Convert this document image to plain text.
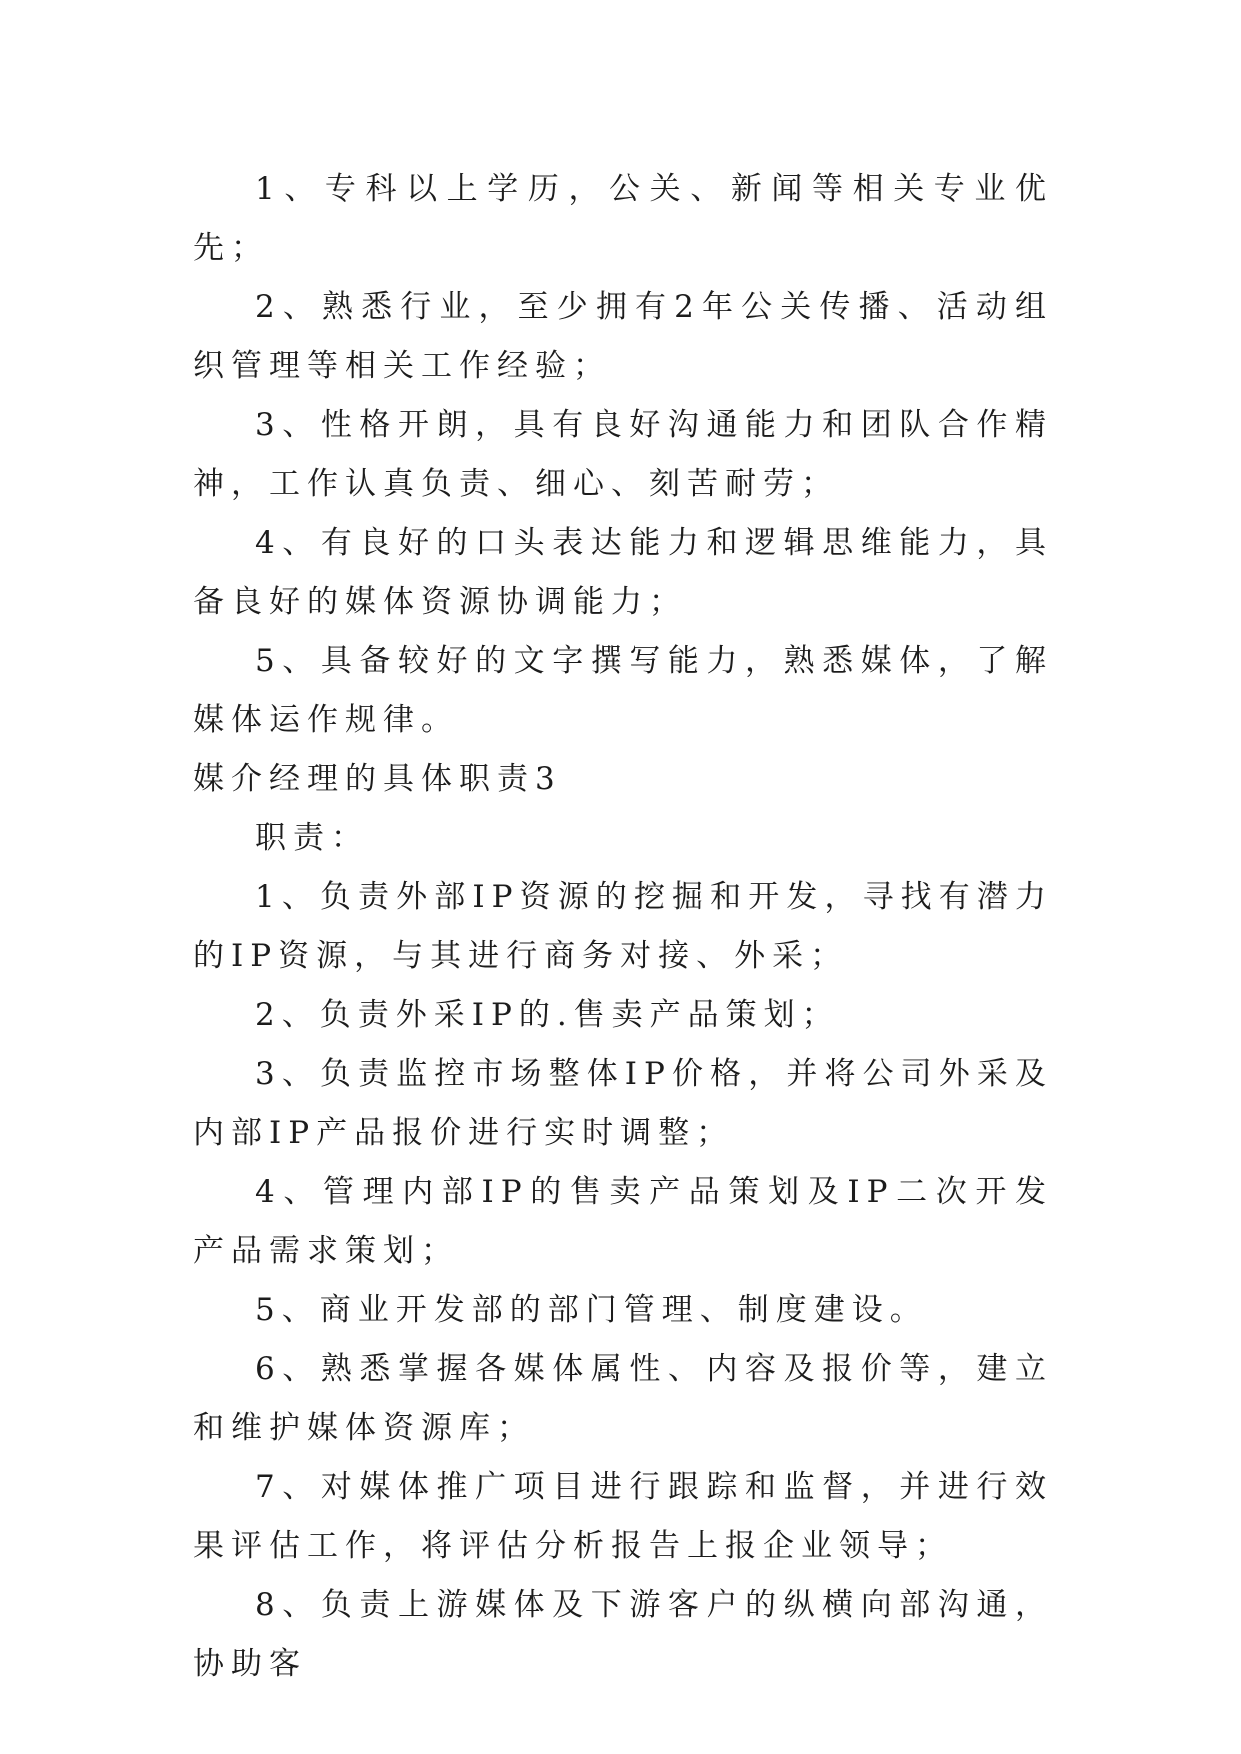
1、专科以上学历，公关、新闻等相关专业优先；

2、熟悉行业，至少拥有2年公关传播、活动组织管理等相关工作经验；

3、性格开朗，具有良好沟通能力和团队合作精神，工作认真负责、细心、刻苦耐劳；

4、有良好的口头表达能力和逻辑思维能力，具备良好的媒体资源协调能力；

5、具备较好的文字撰写能力，熟悉媒体，了解媒体运作规律。

媒介经理的具体职责3

职责：

1、负责外部IP资源的挖掘和开发，寻找有潜力的IP资源，与其进行商务对接、外采；

2、负责外采IP的.售卖产品策划；

3、负责监控市场整体IP价格，并将公司外采及内部IP产品报价进行实时调整；

4、管理内部IP的售卖产品策划及IP二次开发产品需求策划；

5、商业开发部的部门管理、制度建设。

6、熟悉掌握各媒体属性、内容及报价等，建立和维护媒体资源库；

7、对媒体推广项目进行跟踪和监督，并进行效果评估工作，将评估分析报告上报企业领导；

8、负责上游媒体及下游客户的纵横向部沟通，协助客
